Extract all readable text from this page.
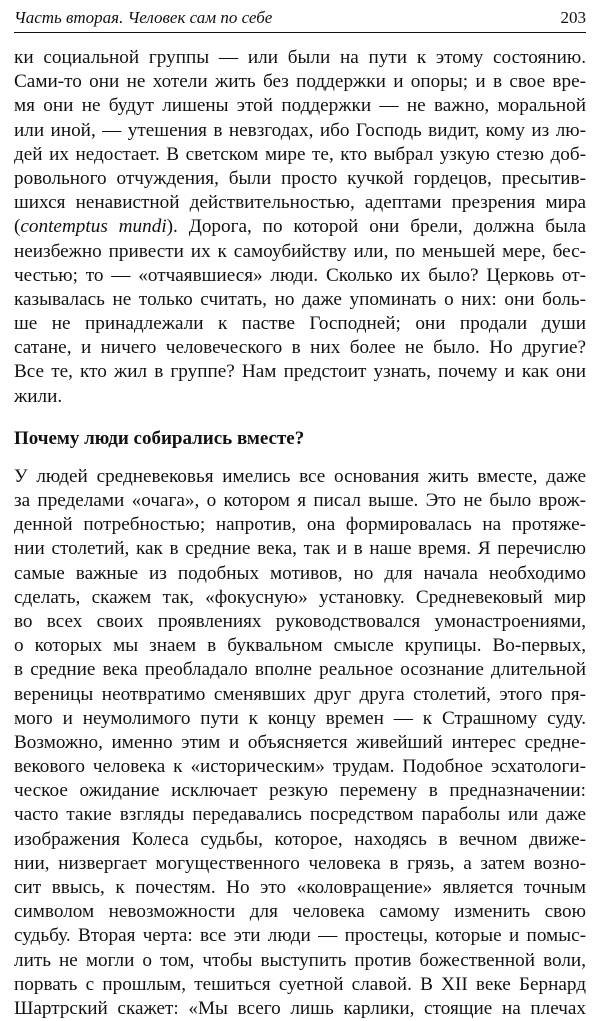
Часть вторая. Человек сам по себе	203
ки социальной группы — или были на пути к этому состоянию.
Сами-то они не хотели жить без поддержки и опоры; и в свое вре-
мя они не будут лишены этой поддержки — не важно, моральной
или иной, — утешения в невзгодах, ибо Господь видит, кому из лю-
дей их недостает. В светском мире те, кто выбрал узкую стезю доб-
ровольного отчуждения, были просто кучкой гордецов, пресытив-
шихся ненавистной действительностью, адептами презрения мира
(contemptus mundi). Дорога, по которой они брели, должна была
неизбежно привести их к самоубийству или, по меньшей мере, бес-
честью; то — «отчаявшиеся» люди. Сколько их было? Церковь от-
казывалась не только считать, но даже упоминать о них: они боль-
ше не принадлежали к пастве Господней; они продали души
сатане, и ничего человеческого в них более не было. Но другие?
Все те, кто жил в группе? Нам предстоит узнать, почему и как они
жили.
Почему люди собирались вместе?
У людей средневековья имелись все основания жить вместе, даже
за пределами «очага», о котором я писал выше. Это не было врож-
денной потребностью; напротив, она формировалась на протяже-
нии столетий, как в средние века, так и в наше время. Я перечислю
самые важные из подобных мотивов, но для начала необходимо
сделать, скажем так, «фокусную» установку. Средневековый мир
во всех своих проявлениях руководствовался умонастроениями,
о которых мы знаем в буквальном смысле крупицы. Во-первых,
в средние века преобладало вполне реальное осознание длительной
вереницы неотвратимо сменявших друг друга столетий, этого пря-
мого и неумолимого пути к концу времен — к Страшному суду.
Возможно, именно этим и объясняется живейший интерес средне-
векового человека к «историческим» трудам. Подобное эсхатологи-
ческое ожидание исключает резкую перемену в предназначении:
часто такие взгляды передавались посредством параболы или даже
изображения Колеса судьбы, которое, находясь в вечном движе-
нии, низвергает могущественного человека в грязь, а затем возно-
сит ввысь, к почестям. Но это «коловращение» является точным
символом невозможности для человека самому изменить свою
судьбу. Вторая черта: все эти люди — простецы, которые и помыс-
лить не могли о том, чтобы выступить против божественной воли,
порвать с прошлым, тешиться суетной славой. В XII веке Бернард
Шартрский скажет: «Мы всего лишь карлики, стоящие на плечах
